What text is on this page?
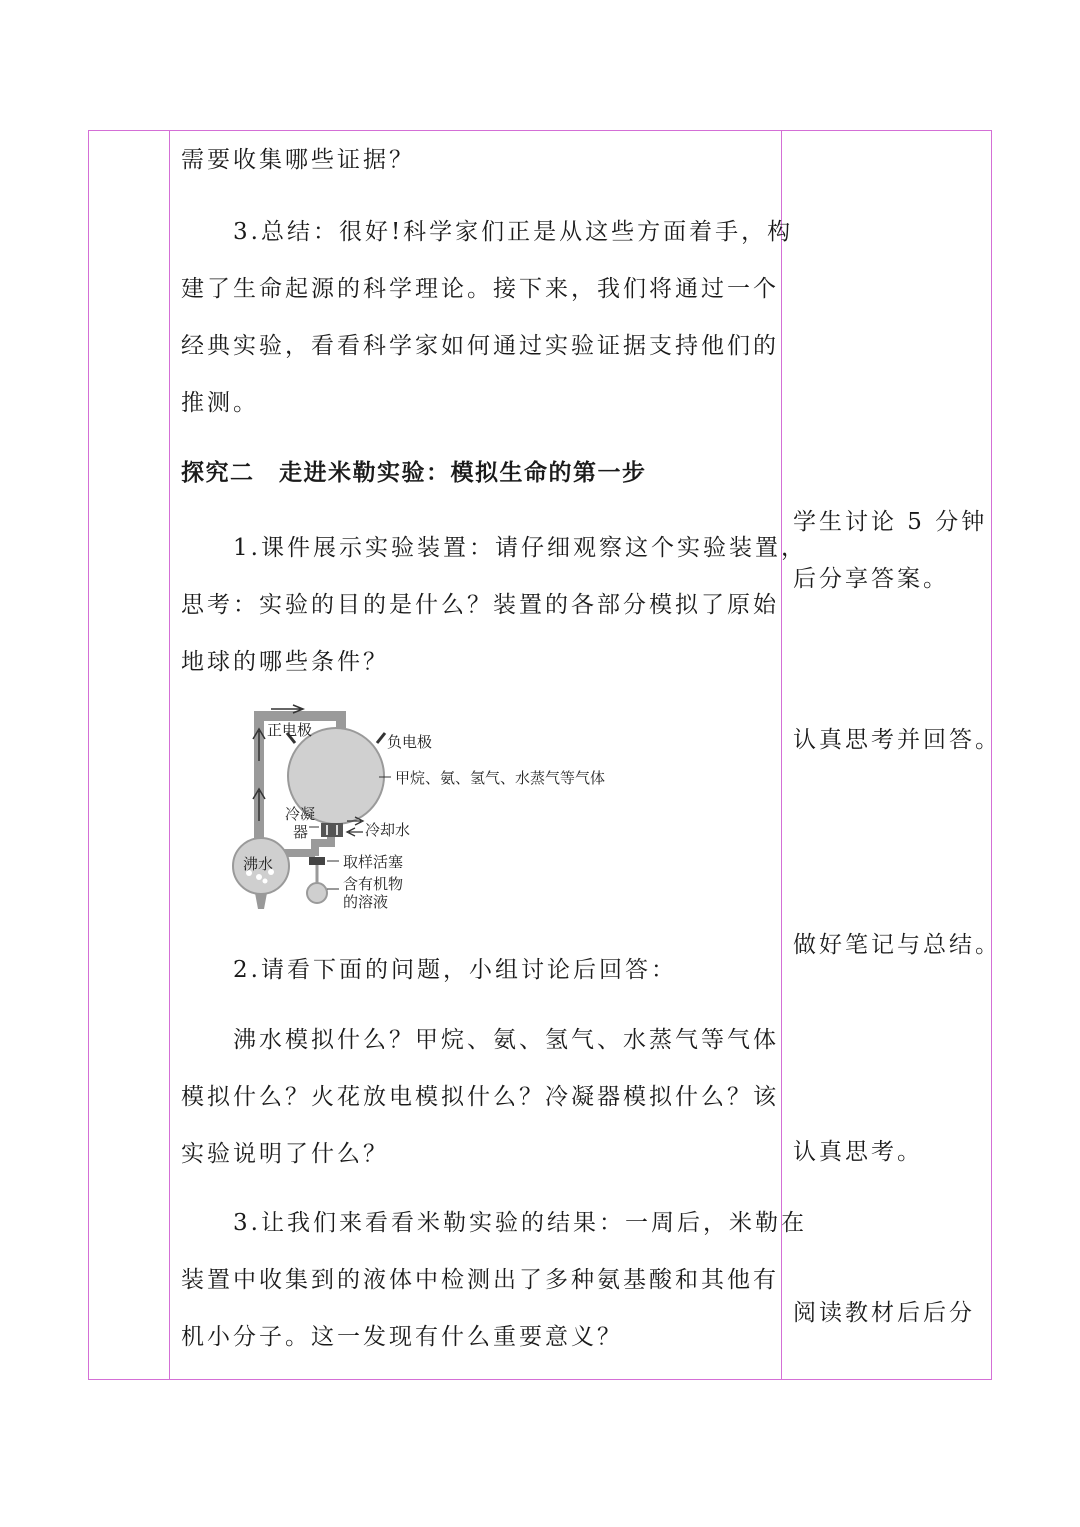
需要收集哪些证据？

　　3.总结：很好!科学家们正是从这些方面着手，构

建了生命起源的科学理论。接下来，我们将通过一个

经典实验，看看科学家如何通过实验证据支持他们的

推测。

探究二　走进米勒实验：模拟生命的第一步

　　1.课件展示实验装置：请仔细观察这个实验装置，

思考：实验的目的是什么？装置的各部分模拟了原始

地球的哪些条件？

正电极
负电极
甲烷、氨、氢气、水蒸气等气体
冷凝
器	冷却水
沸水	取样活塞
含有机物
的溶液

　　2.请看下面的问题，小组讨论后回答：

　　沸水模拟什么？甲烷、氨、氢气、水蒸气等气体

模拟什么？火花放电模拟什么？冷凝器模拟什么？该

实验说明了什么？

　　3.让我们来看看米勒实验的结果：一周后，米勒在

装置中收集到的液体中检测出了多种氨基酸和其他有

机小分子。这一发现有什么重要意义？

学生讨论 5 分钟
后分享答案。
认真思考并回答。
做好笔记与总结。
认真思考。
阅读教材后后分
